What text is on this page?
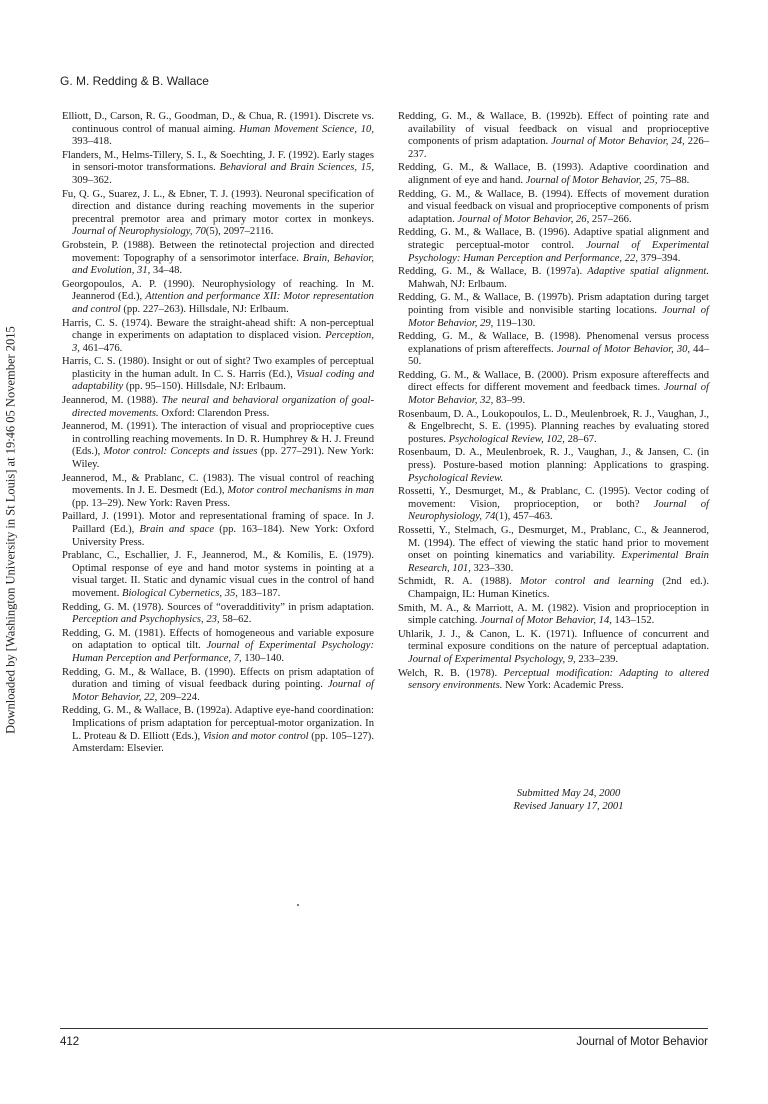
G. M. Redding & B. Wallace
Downloaded by [Washington University in St Louis] at 19:46 05 November 2015

Elliott, D., Carson, R. G., Goodman, D., & Chua, R. (1991). Discrete vs. continuous control of manual aiming. Human Movement Science, 10, 393–418.

Flanders, M., Helms-Tillery, S. I., & Soechting, J. F. (1992). Early stages in sensori-motor transformations. Behavioral and Brain Sciences, 15, 309–362.

Fu, Q. G., Suarez, J. L., & Ebner, T. J. (1993). Neuronal specification of direction and distance during reaching movements in the superior precentral premotor area and primary motor cortex in monkeys. Journal of Neurophysiology, 70(5), 2097–2116.

Grobstein, P. (1988). Between the retinotectal projection and directed movement: Topography of a sensorimotor interface. Brain, Behavior, and Evolution, 31, 34–48.

Georgopoulos, A. P. (1990). Neurophysiology of reaching. In M. Jeannerod (Ed.), Attention and performance XII: Motor representation and control (pp. 227–263). Hillsdale, NJ: Erlbaum.

Harris, C. S. (1974). Beware the straight-ahead shift: A non-perceptual change in experiments on adaptation to displaced vision. Perception, 3, 461–476.

Harris, C. S. (1980). Insight or out of sight? Two examples of perceptual plasticity in the human adult. In C. S. Harris (Ed.), Visual coding and adaptability (pp. 95–150). Hillsdale, NJ: Erlbaum.

Jeannerod, M. (1988). The neural and behavioral organization of goal-directed movements. Oxford: Clarendon Press.

Jeannerod, M. (1991). The interaction of visual and proprioceptive cues in controlling reaching movements. In D. R. Humphrey & H. J. Freund (Eds.), Motor control: Concepts and issues (pp. 277–291). New York: Wiley.

Jeannerod, M., & Prablanc, C. (1983). The visual control of reaching movements. In J. E. Desmedt (Ed.), Motor control mechanisms in man (pp. 13–29). New York: Raven Press.

Paillard, J. (1991). Motor and representational framing of space. In J. Paillard (Ed.), Brain and space (pp. 163–184). New York: Oxford University Press.

Prablanc, C., Eschallier, J. F., Jeannerod, M., & Komilis, E. (1979). Optimal response of eye and hand motor systems in pointing at a visual target. II. Static and dynamic visual cues in the control of hand movement. Biological Cybernetics, 35, 183–187.

Redding, G. M. (1978). Sources of “overadditivity” in prism adaptation. Perception and Psychophysics, 23, 58–62.

Redding, G. M. (1981). Effects of homogeneous and variable exposure on adaptation to optical tilt. Journal of Experimental Psychology: Human Perception and Performance, 7, 130–140.

Redding, G. M., & Wallace, B. (1990). Effects on prism adaptation of duration and timing of visual feedback during pointing. Journal of Motor Behavior, 22, 209–224.

Redding, G. M., & Wallace, B. (1992a). Adaptive eye-hand coordination: Implications of prism adaptation for perceptual-motor organization. In L. Proteau & D. Elliott (Eds.), Vision and motor control (pp. 105–127). Amsterdam: Elsevier.

Redding, G. M., & Wallace, B. (1992b). Effect of pointing rate and availability of visual feedback on visual and proprioceptive components of prism adaptation. Journal of Motor Behavior, 24, 226–237.

Redding, G. M., & Wallace, B. (1993). Adaptive coordination and alignment of eye and hand. Journal of Motor Behavior, 25, 75–88.

Redding, G. M., & Wallace, B. (1994). Effects of movement duration and visual feedback on visual and proprioceptive components of prism adaptation. Journal of Motor Behavior, 26, 257–266.

Redding, G. M., & Wallace, B. (1996). Adaptive spatial alignment and strategic perceptual-motor control. Journal of Experimental Psychology: Human Perception and Performance, 22, 379–394.

Redding, G. M., & Wallace, B. (1997a). Adaptive spatial alignment. Mahwah, NJ: Erlbaum.

Redding, G. M., & Wallace, B. (1997b). Prism adaptation during target pointing from visible and nonvisible starting locations. Journal of Motor Behavior, 29, 119–130.

Redding, G. M., & Wallace, B. (1998). Phenomenal versus process explanations of prism aftereffects. Journal of Motor Behavior, 30, 44–50.

Redding, G. M., & Wallace, B. (2000). Prism exposure aftereffects and direct effects for different movement and feedback times. Journal of Motor Behavior, 32, 83–99.

Rosenbaum, D. A., Loukopoulos, L. D., Meulenbroek, R. J., Vaughan, J., & Engelbrecht, S. E. (1995). Planning reaches by evaluating stored postures. Psychological Review, 102, 28–67.

Rosenbaum, D. A., Meulenbroek, R. J., Vaughan, J., & Jansen, C. (in press). Posture-based motion planning: Applications to grasping. Psychological Review.

Rossetti, Y., Desmurget, M., & Prablanc, C. (1995). Vector coding of movement: Vision, proprioception, or both? Journal of Neurophysiology, 74(1), 457–463.

Rossetti, Y., Stelmach, G., Desmurget, M., Prablanc, C., & Jeannerod, M. (1994). The effect of viewing the static hand prior to movement onset on pointing kinematics and variability. Experimental Brain Research, 101, 323–330.

Schmidt, R. A. (1988). Motor control and learning (2nd ed.). Champaign, IL: Human Kinetics.

Smith, M. A., & Marriott, A. M. (1982). Vision and proprioception in simple catching. Journal of Motor Behavior, 14, 143–152.

Uhlarik, J. J., & Canon, L. K. (1971). Influence of concurrent and terminal exposure conditions on the nature of perceptual adaptation. Journal of Experimental Psychology, 9, 233–239.

Welch, R. B. (1978). Perceptual modification: Adapting to altered sensory environments. New York: Academic Press.

Submitted May 24, 2000
Revised January 17, 2001
412	Journal of Motor Behavior
